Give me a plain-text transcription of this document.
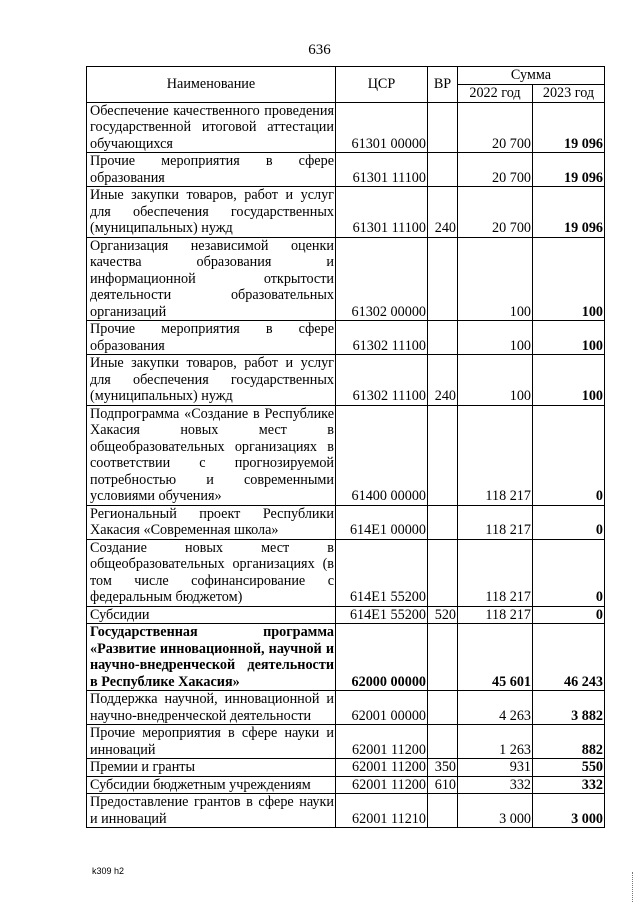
636
Наименование	ЦСР	ВР	Сумма	
			2022 год	2023 год
Обеспечение качественного проведения государственной итоговой аттестации обучающихся	61301 00000		20 700	19 096
Прочие мероприятия в сфере образования	61301 11100		20 700	19 096
Иные закупки товаров, работ и услуг для обеспечения государственных (муниципальных) нужд	61301 11100	240	20 700	19 096
Организация независимой оценки качества образования и информационной открытости деятельности образовательных организаций	61302 00000		100	100
Прочие мероприятия в сфере образования	61302 11100		100	100
Иные закупки товаров, работ и услуг для обеспечения государственных (муниципальных) нужд	61302 11100	240	100	100
Подпрограмма «Создание в Республике Хакасия новых мест в общеобразовательных организациях в соответствии с прогнозируемой потребностью и современными условиями обучения»	61400 00000		118 217	0
Региональный проект Республики Хакасия «Современная школа»	614E1 00000		118 217	0
Создание новых мест в общеобразовательных организациях (в том числе софинансирование с федеральным бюджетом)	614E1 55200		118 217	0
Субсидии	614E1 55200	520	118 217	0
Государственная программа «Развитие инновационной, научной и научно-внедренческой деятельности в Республике Хакасия»	62000 00000		45 601	46 243
Поддержка научной, инновационной и научно-внедренческой деятельности	62001 00000		4 263	3 882
Прочие мероприятия в сфере науки и инноваций	62001 11200		1 263	882
Премии и гранты	62001 11200	350	931	550
Субсидии бюджетным учреждениям	62001 11200	610	332	332
Предоставление грантов в сфере науки и инноваций	62001 11210		3 000	3 000
k309 h2
